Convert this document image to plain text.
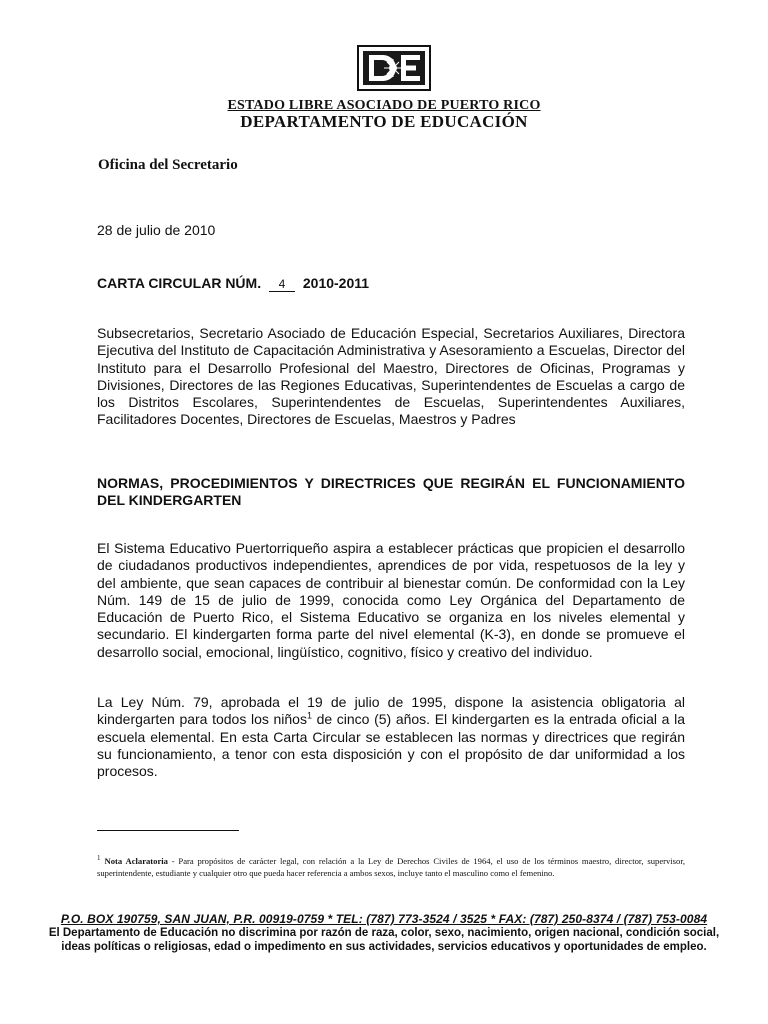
ESTADO LIBRE ASOCIADO DE PUERTO RICO
DEPARTAMENTO DE EDUCACIÓN
Oficina del Secretario
28 de julio de 2010
CARTA CIRCULAR NÚM. 4 2010-2011
Subsecretarios, Secretario Asociado de Educación Especial, Secretarios Auxiliares, Directora Ejecutiva del Instituto de Capacitación Administrativa y Asesoramiento a Escuelas, Director del Instituto para el Desarrollo Profesional del Maestro, Directores de Oficinas, Programas y Divisiones, Directores de las Regiones Educativas, Superintendentes de Escuelas a cargo de los Distritos Escolares, Superintendentes de Escuelas, Superintendentes Auxiliares, Facilitadores Docentes, Directores de Escuelas, Maestros y Padres
NORMAS, PROCEDIMIENTOS Y DIRECTRICES QUE REGIRÁN EL FUNCIONAMIENTO DEL KINDERGARTEN
El Sistema Educativo Puertorriqueño aspira a establecer prácticas que propicien el desarrollo de ciudadanos productivos independientes, aprendices de por vida, respetuosos de la ley y del ambiente, que sean capaces de contribuir al bienestar común. De conformidad con la Ley Núm. 149 de 15 de julio de 1999, conocida como Ley Orgánica del Departamento de Educación de Puerto Rico, el Sistema Educativo se organiza en los niveles elemental y secundario. El kindergarten forma parte del nivel elemental (K-3), en donde se promueve el desarrollo social, emocional, lingüístico, cognitivo, físico y creativo del individuo.
La Ley Núm. 79, aprobada el 19 de julio de 1995, dispone la asistencia obligatoria al kindergarten para todos los niños$^1$ de cinco (5) años. El kindergarten es la entrada oficial a la escuela elemental. En esta Carta Circular se establecen las normas y directrices que regirán su funcionamiento, a tenor con esta disposición y con el propósito de dar uniformidad a los procesos.
$^1$ Nota Aclaratoria - Para propósitos de carácter legal, con relación a la Ley de Derechos Civiles de 1964, el uso de los términos maestro, director, supervisor, superintendente, estudiante y cualquier otro que pueda hacer referencia a ambos sexos, incluye tanto el masculino como el femenino.
P.O. BOX 190759, SAN JUAN, P.R. 00919-0759 * TEL: (787) 773-3524 / 3525 * FAX: (787) 250-8374 / (787) 753-0084
El Departamento de Educación no discrimina por razón de raza, color, sexo, nacimiento, origen nacional, condición social,
ideas políticas o religiosas, edad o impedimento en sus actividades, servicios educativos y oportunidades de empleo.
